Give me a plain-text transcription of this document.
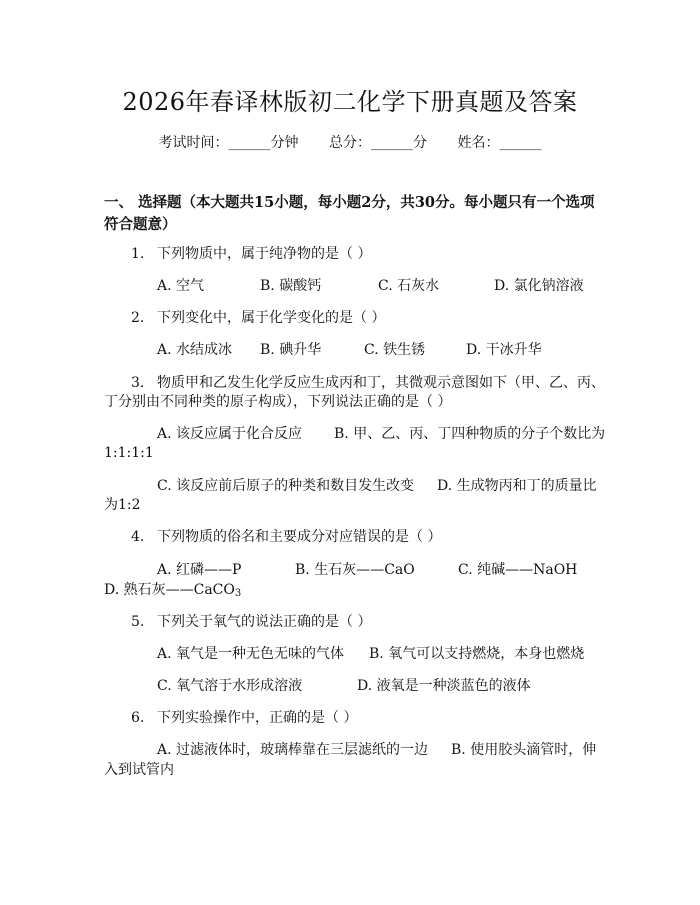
2026年春译林版初二化学下册真题及答案
考试时间：______分钟 总分：______分 姓名：______
一、 选择题（本大题共15小题，每小题2分，共30分。每小题只有一个选项符合题意）
1. 下列物质中，属于纯净物的是（ ）
A. 空气	B. 碳酸钙	C. 石灰水	D. 氯化钠溶液
2. 下列变化中，属于化学变化的是（ ）
A. 水结成冰 B. 碘升华	C. 铁生锈	D. 干冰升华
3. 物质甲和乙发生化学反应生成丙和丁，其微观示意图如下（甲、乙、丙、
丁分别由不同种类的原子构成），下列说法正确的是（ ）
A. 该反应属于化合反应 B. 甲、乙、丙、丁四种物质的分子个数比为
1:1:1:1
C. 该反应前后原子的种类和数目发生改变 D. 生成物丙和丁的质量比
为1:2
4. 下列物质的俗名和主要成分对应错误的是（ ）
A. 红磷——P	B. 生石灰——CaO	C. 纯碱——NaOH
D. 熟石灰——CaCO$_3$
5. 下列关于氧气的说法正确的是（ ）
A. 氧气是一种无色无味的气体 B. 氧气可以支持燃烧，本身也燃烧
C. 氧气溶于水形成溶液	D. 液氧是一种淡蓝色的液体
6. 下列实验操作中，正确的是（ ）
A. 过滤液体时，玻璃棒靠在三层滤纸的一边 B. 使用胶头滴管时，伸
入到试管内
